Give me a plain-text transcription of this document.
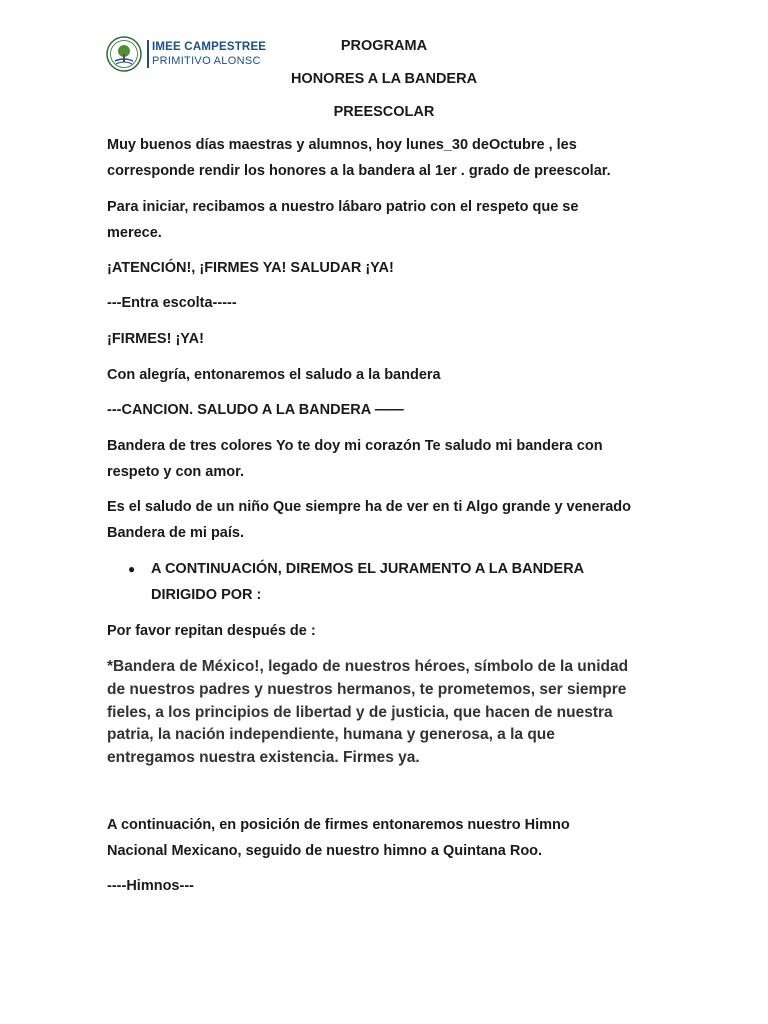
IMEE CAMPESTREE
PRIMITIVO ALONSC
PROGRAMA
HONORES A LA BANDERA
PREESCOLAR
Muy buenos días maestras y alumnos, hoy lunes_30 deOctubre , les
corresponde rendir los honores a la bandera al 1er . grado de preescolar.
Para iniciar, recibamos a nuestro lábaro patrio con el respeto que se
merece.
¡ATENCIÓN!, ¡FIRMES YA! SALUDAR ¡YA!
---Entra escolta-----
¡FIRMES! ¡YA!
Con alegría, entonaremos el saludo a la bandera
---CANCION. SALUDO A LA BANDERA ——
Bandera de tres colores Yo te doy mi corazón Te saludo mi bandera con
respeto y con amor.
Es el saludo de un niño Que siempre ha de ver en ti Algo grande y venerado
Bandera de mi país.
● A CONTINUACIÓN, DIREMOS EL JURAMENTO A LA BANDERA
DIRIGIDO POR :
Por favor repitan después de :
*Bandera de México!, legado de nuestros héroes, símbolo de la unidad
de nuestros padres y nuestros hermanos, te prometemos, ser siempre
fieles, a los principios de libertad y de justicia, que hacen de nuestra
patria, la nación independiente, humana y generosa, a la que
entregamos nuestra existencia. Firmes ya.
A continuación, en posición de firmes entonaremos nuestro Himno
Nacional Mexicano, seguido de nuestro himno a Quintana Roo.
----Himnos---
